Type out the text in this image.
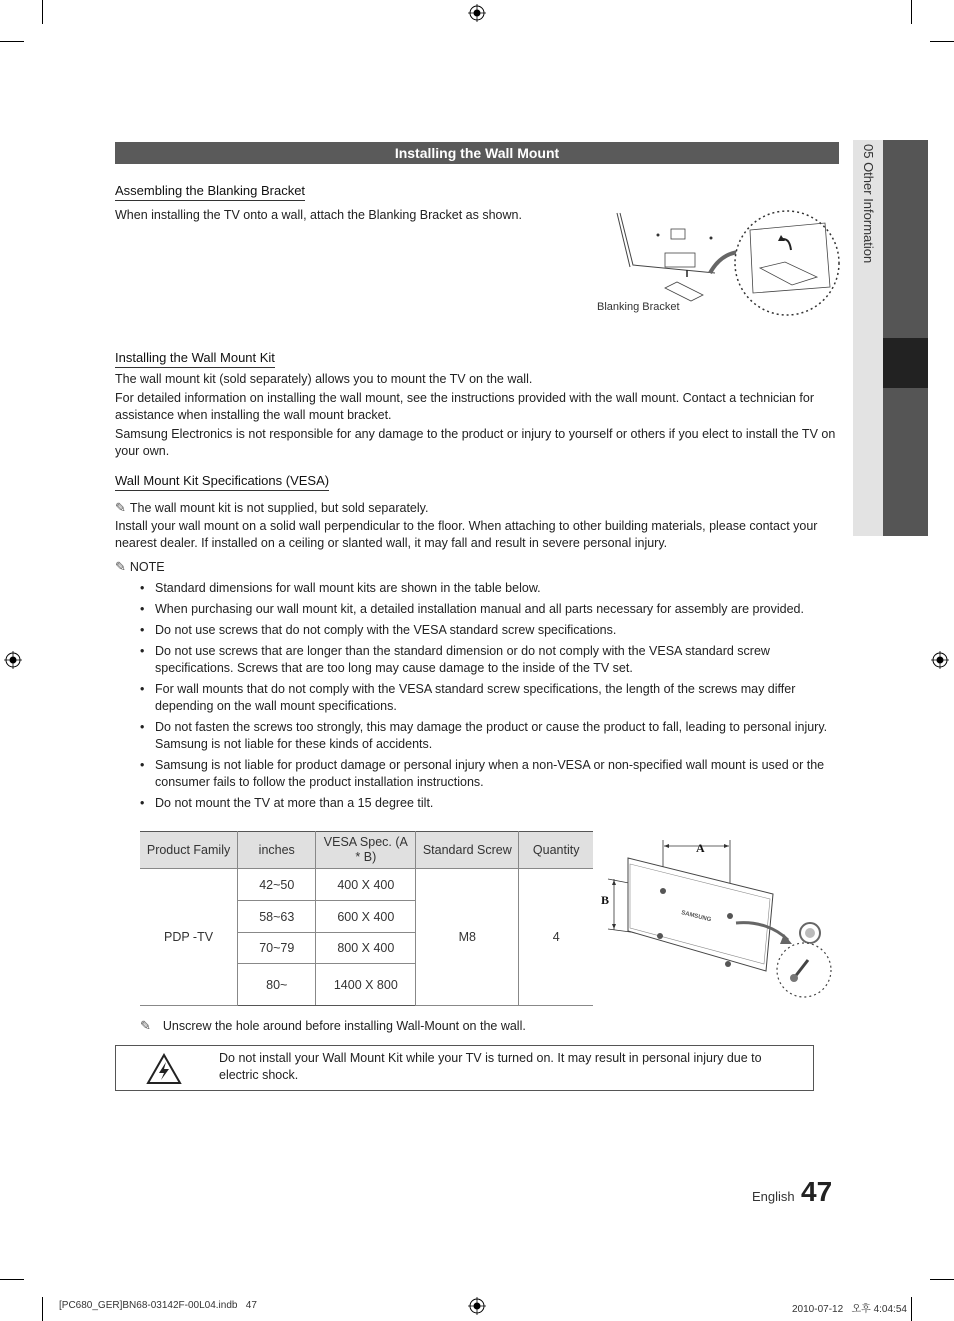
05 Other Information
Installing the Wall Mount
Assembling the Blanking Bracket
When installing the TV onto a wall, attach the Blanking Bracket as shown.
Blanking Bracket
Installing the Wall Mount Kit
The wall mount kit (sold separately) allows you to mount the TV on the wall.
For detailed information on installing the wall mount, see the instructions provided with the wall mount. Contact a technician for assistance when installing the wall mount bracket.
Samsung Electronics is not responsible for any damage to the product or injury to yourself or others if you elect to install the TV on your own.
Wall Mount Kit Specifications (VESA)
✎ The wall mount kit is not supplied, but sold separately.
Install your wall mount on a solid wall perpendicular to the floor. When attaching to other building materials, please contact your nearest dealer. If installed on a ceiling or slanted wall, it may fall and result in severe personal injury.
✎ NOTE
• Standard dimensions for wall mount kits are shown in the table below.
• When purchasing our wall mount kit, a detailed installation manual and all parts necessary for assembly are provided.
• Do not use screws that do not comply with the VESA standard screw specifications.
• Do not use screws that are longer than the standard dimension or do not comply with the VESA standard screw specifications. Screws that are too long may cause damage to the inside of the TV set.
• For wall mounts that do not comply with the VESA standard screw specifications, the length of the screws may differ depending on the wall mount specifications.
• Do not fasten the screws too strongly, this may damage the product or cause the product to fall, leading to personal injury. Samsung is not liable for these kinds of accidents.
• Samsung is not liable for product damage or personal injury when a non-VESA or non-specified wall mount is used or the consumer fails to follow the product installation instructions.
• Do not mount the TV at more than a 15 degree tilt.
Product Family	inches	VESA Spec. (A * B)	Standard Screw	Quantity
PDP -TV	42~50	400 X 400	M8	4
	58~63	600 X 400		
	70~79	800 X 400		
	80~	1400 X 800		
A
B
SAMSUNG
✎ Unscrew the hole around before installing Wall-Mount on the wall.
Do not install your Wall Mount Kit while your TV is turned on. It may result in personal injury due to electric shock.
English 47
[PC680_GER]BN68-03142F-00L04.indb   47	2010-07-12   오후 4:04:54
